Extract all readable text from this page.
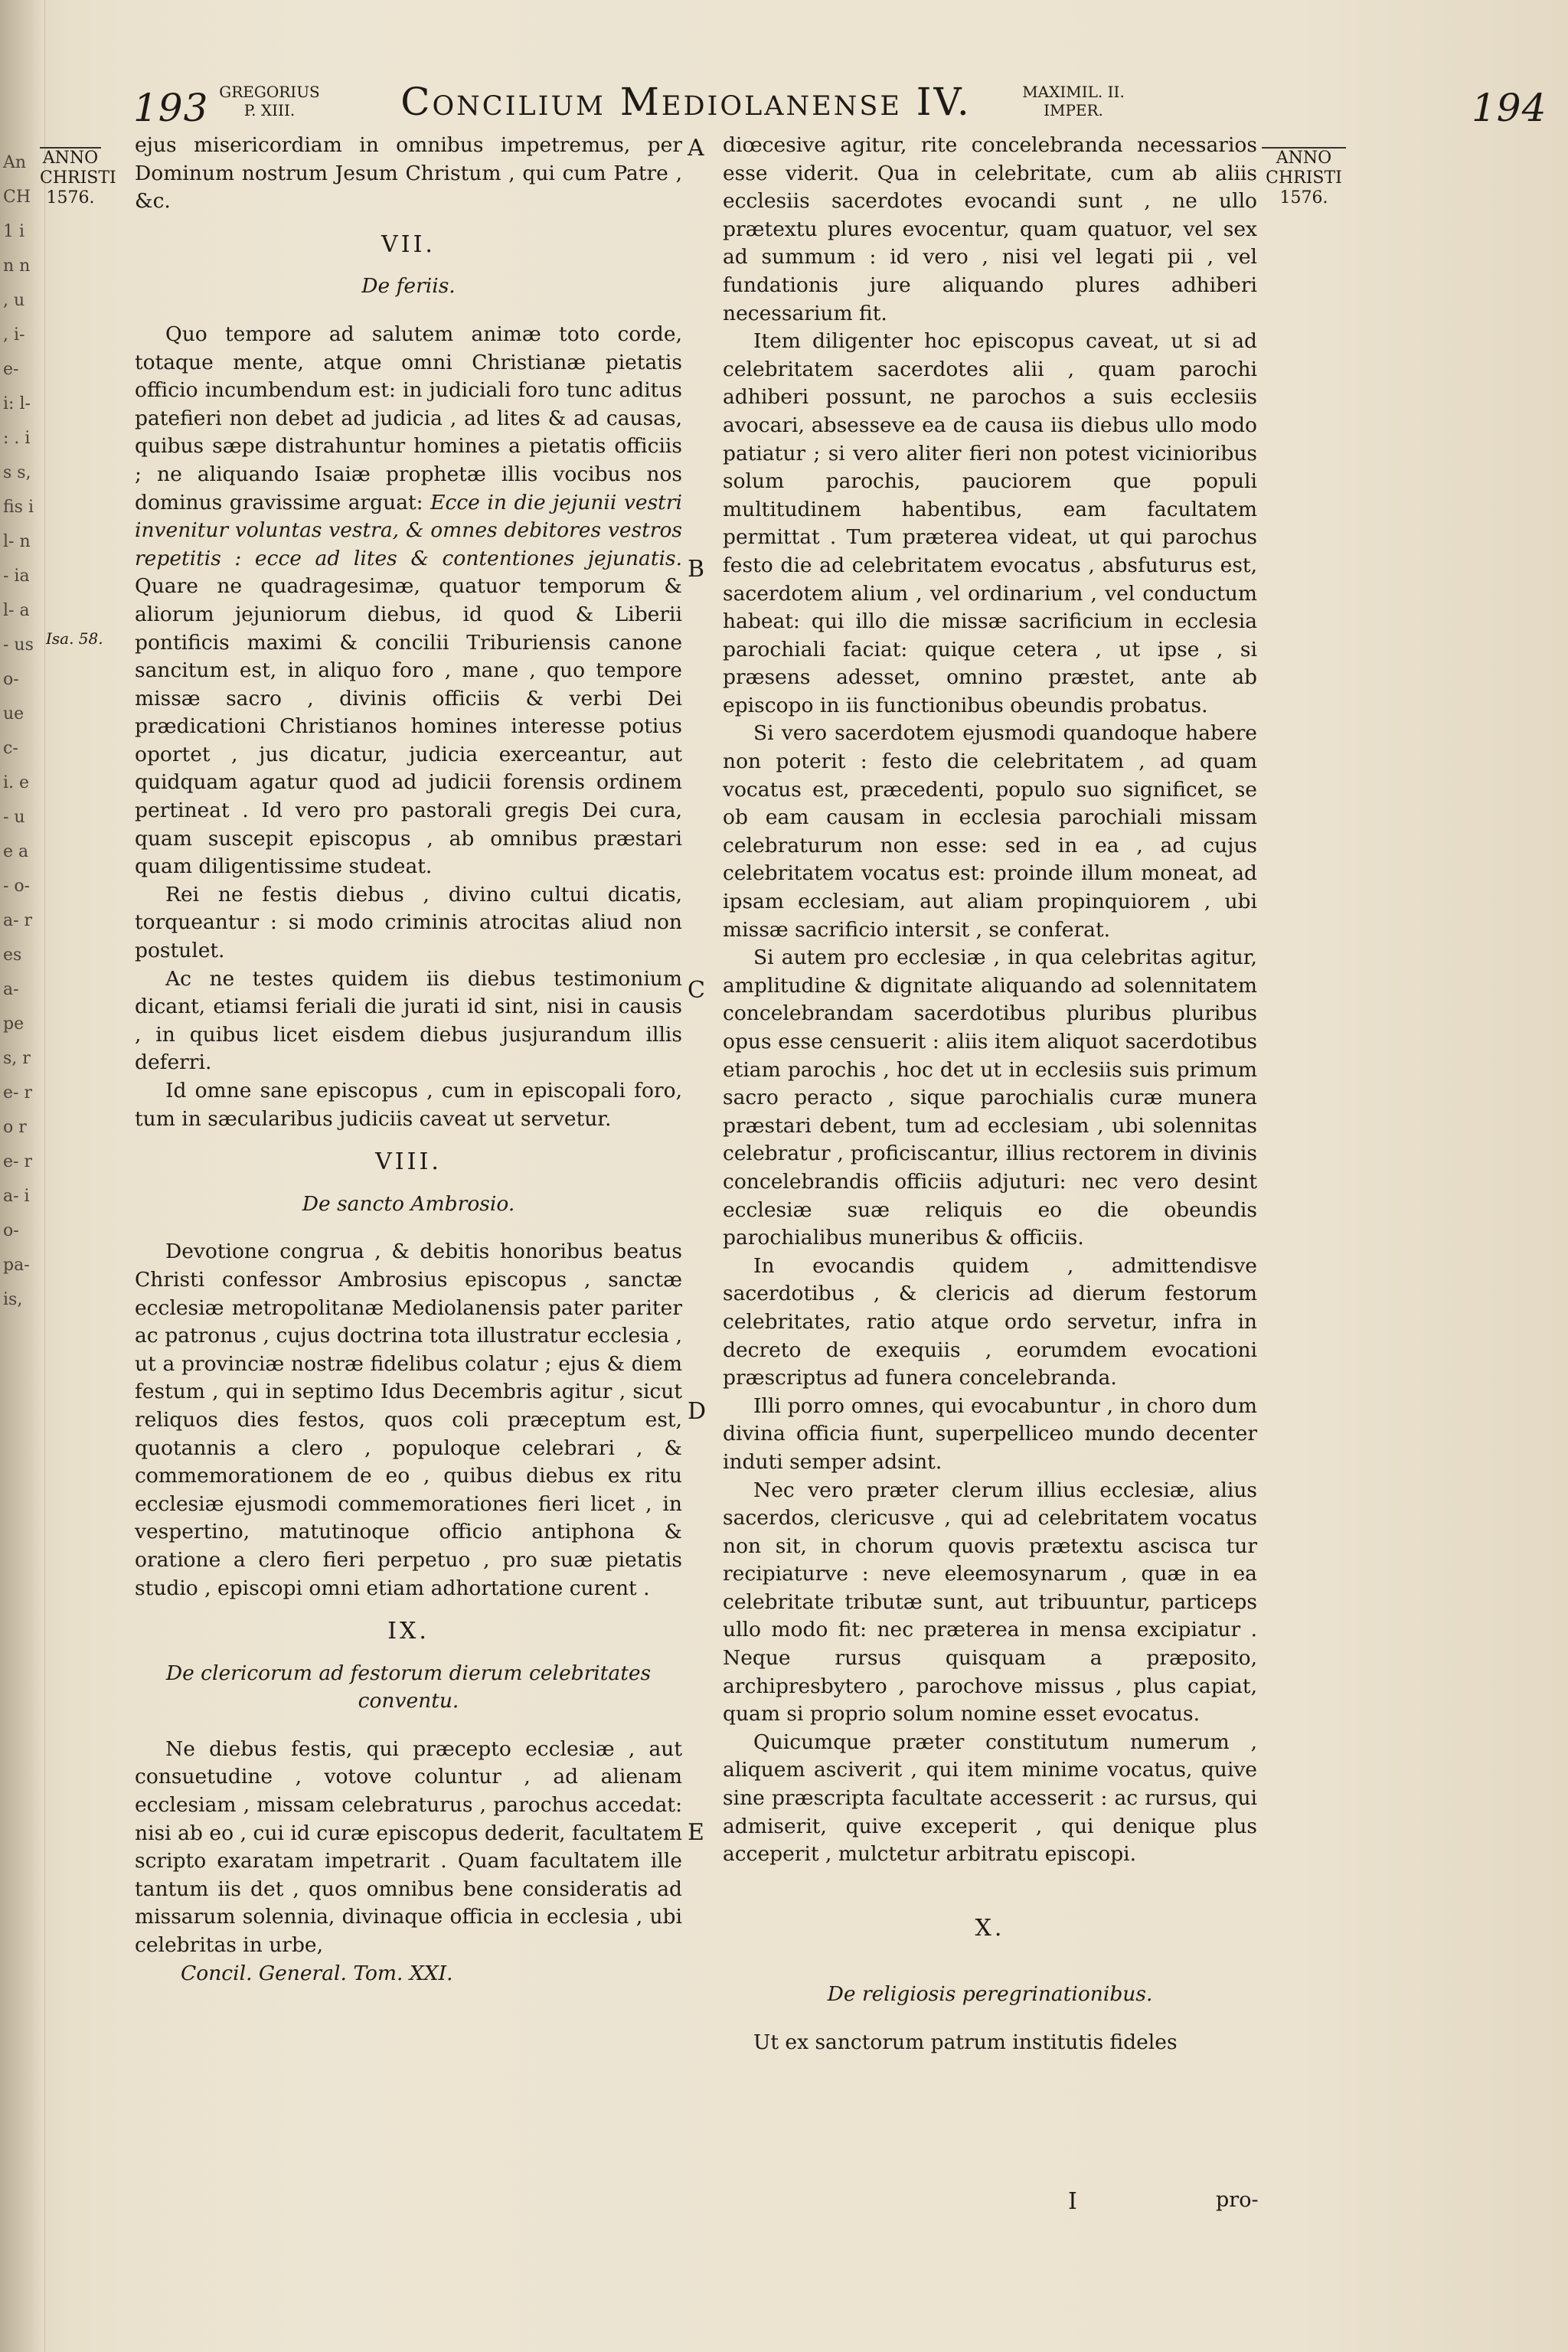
An CH 1 i n n , u , i- e- i: l- : . is s, fis il- n- ia l- a- us o- ue c- i. e- ue a- o- a- res a- pe s, re- ro re- ra- io- pa- is,
193 GREGORIUS
P. XIII.	Concilium Mediolanense IV.	MAXIMIL. II.
IMPER.	194
ANNO
CHRISTI
1576.
ANNO
CHRISTI
1576.
Isa. 58.
A
B
C
D
E

ejus misericordiam in omnibus impetremus, per Dominum nostrum Jesum Christum , qui cum Patre , &c.

VII.
De feriis.

Quo tempore ad salutem animæ toto corde, totaque mente, atque omni Christianæ pietatis officio incumbendum est: in judiciali foro tunc aditus patefieri non debet ad judicia , ad lites & ad causas, quibus sæpe distrahuntur homines a pietatis officiis ; ne aliquando Isaiæ prophetæ illis vocibus nos dominus gravissime arguat: Ecce in die jejunii vestri invenitur voluntas vestra, & omnes debitores vestros repetitis : ecce ad lites & contentiones jejunatis. Quare ne quadragesimæ, quatuor temporum & aliorum jejuniorum diebus, id quod & Liberii pontificis maximi & concilii Triburiensis canone sancitum est, in aliquo foro , mane , quo tempore missæ sacro , divinis officiis & verbi Dei prædicationi Christianos homines interesse potius oportet , jus dicatur, judicia exerceantur, aut quidquam agatur quod ad judicii forensis ordinem pertineat . Id vero pro pastorali gregis Dei cura, quam suscepit episcopus , ab omnibus præstari quam diligentissime studeat.

Rei ne festis diebus , divino cultui dicatis, torqueantur : si modo criminis atrocitas aliud non postulet.

Ac ne testes quidem iis diebus testimonium dicant, etiamsi feriali die jurati id sint, nisi in causis , in quibus licet eisdem diebus jusjurandum illis deferri.

Id omne sane episcopus , cum in episcopali foro, tum in sæcularibus judiciis caveat ut servetur.

VIII.
De sancto Ambrosio.

Devotione congrua , & debitis honoribus beatus Christi confessor Ambrosius episcopus , sanctæ ecclesiæ metropolitanæ Mediolanensis pater pariter ac patronus , cujus doctrina tota illustratur ecclesia , ut a provinciæ nostræ fidelibus colatur ; ejus & diem festum , qui in septimo Idus Decembris agitur , sicut reliquos dies festos, quos coli præceptum est, quotannis a clero , populoque celebrari , & commemorationem de eo , quibus diebus ex ritu ecclesiæ ejusmodi commemorationes fieri licet , in vespertino, matutinoque officio antiphona & oratione a clero fieri perpetuo , pro suæ pietatis studio , episcopi omni etiam adhortatione curent .

IX.
De clericorum ad festorum dierum celebritates conventu.

Ne diebus festis, qui præcepto ecclesiæ , aut consuetudine , votove coluntur , ad alienam ecclesiam , missam celebraturus , parochus accedat: nisi ab eo , cui id curæ episcopus dederit, facultatem scripto exaratam impetrarit . Quam facultatem ille tantum iis det , quos omnibus bene consideratis ad missarum solennia, divinaque officia in ecclesia , ubi celebritas in urbe,

Concil. General. Tom. XXI.

diœcesive agitur, rite concelebranda necessarios esse viderit. Qua in celebritate, cum ab aliis ecclesiis sacerdotes evocandi sunt , ne ullo prætextu plures evocentur, quam quatuor, vel sex ad summum : id vero , nisi vel legati pii , vel fundationis jure aliquando plures adhiberi necessarium fit.

Item diligenter hoc episcopus caveat, ut si ad celebritatem sacerdotes alii , quam parochi adhiberi possunt, ne parochos a suis ecclesiis avocari, absesseve ea de causa iis diebus ullo modo patiatur ; si vero aliter fieri non potest vicinioribus solum parochis, pauciorem que populi multitudinem habentibus, eam facultatem permittat . Tum præterea videat, ut qui parochus festo die ad celebritatem evocatus , absfuturus est, sacerdotem alium , vel ordinarium , vel conductum habeat: qui illo die missæ sacrificium in ecclesia parochiali faciat: quique cetera , ut ipse , si præsens adesset, omnino præstet, ante ab episcopo in iis functionibus obeundis probatus.

Si vero sacerdotem ejusmodi quandoque habere non poterit : festo die celebritatem , ad quam vocatus est, præcedenti, populo suo significet, se ob eam causam in ecclesia parochiali missam celebraturum non esse: sed in ea , ad cujus celebritatem vocatus est: proinde illum moneat, ad ipsam ecclesiam, aut aliam propinquiorem , ubi missæ sacrificio intersit , se conferat.

Si autem pro ecclesiæ , in qua celebritas agitur, amplitudine & dignitate aliquando ad solennitatem concelebrandam sacerdotibus pluribus pluribus opus esse censuerit : aliis item aliquot sacerdotibus etiam parochis , hoc det ut in ecclesiis suis primum sacro peracto , sique parochialis curæ munera præstari debent, tum ad ecclesiam , ubi solennitas celebratur , proficiscantur, illius rectorem in divinis concelebrandis officiis adjuturi: nec vero desint ecclesiæ suæ reliquis eo die obeundis parochialibus muneribus & officiis.

In evocandis quidem , admittendisve sacerdotibus , & clericis ad dierum festorum celebritates, ratio atque ordo servetur, infra in decreto de exequiis , eorumdem evocationi præscriptus ad funera concelebranda.

Illi porro omnes, qui evocabuntur , in choro dum divina officia fiunt, superpelliceo mundo decenter induti semper adsint.

Nec vero præter clerum illius ecclesiæ, alius sacerdos, clericusve , qui ad celebritatem vocatus non sit, in chorum quovis prætextu ascisca tur recipiaturve : neve eleemosynarum , quæ in ea celebritate tributæ sunt, aut tribuuntur, particeps ullo modo fit: nec præterea in mensa excipiatur . Neque rursus quisquam a præposito, archipresbytero , parochove missus , plus capiat, quam si proprio solum nomine esset evocatus.

Quicumque præter constitutum numerum , aliquem asciverit , qui item minime vocatus, quive sine præscripta facultate accesserit : ac rursus, qui admiserit, quive exceperit , qui denique plus acceperit , mulctetur arbitratu episcopi.

X.
De religiosis peregrinationibus.

Ut ex sanctorum patrum institutis fideles

I	pro-
